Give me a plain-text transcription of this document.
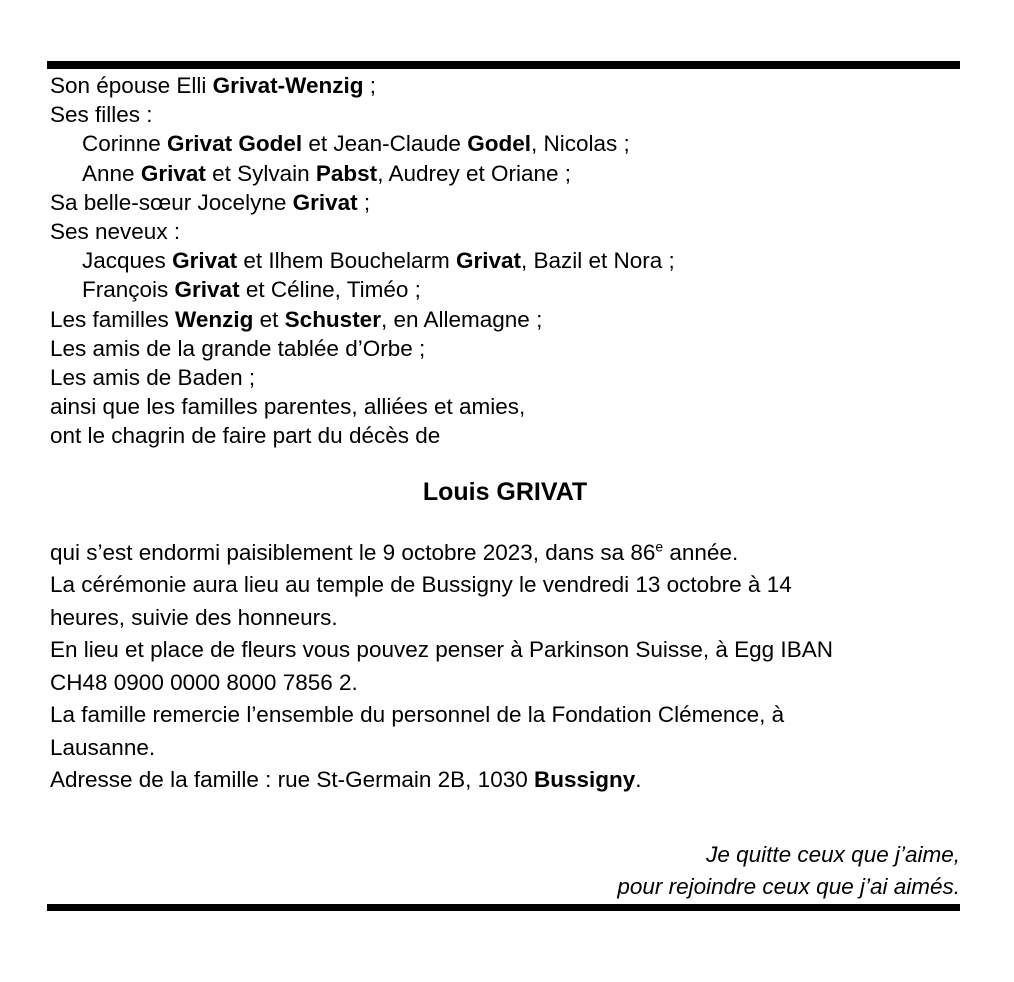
Son épouse Elli Grivat-Wenzig ;
Ses filles :
Corinne Grivat Godel et Jean-Claude Godel, Nicolas ;
Anne Grivat et Sylvain Pabst, Audrey et Oriane ;
Sa belle-sœur Jocelyne Grivat ;
Ses neveux :
Jacques Grivat et Ilhem Bouchelarm Grivat, Bazil et Nora ;
François Grivat et Céline, Timéo ;
Les familles Wenzig et Schuster, en Allemagne ;
Les amis de la grande tablée d’Orbe ;
Les amis de Baden ;
ainsi que les familles parentes, alliées et amies,
ont le chagrin de faire part du décès de
Louis GRIVAT
qui s’est endormi paisiblement le 9 octobre 2023, dans sa 86e année.
La cérémonie aura lieu au temple de Bussigny le vendredi 13 octobre à 14
heures, suivie des honneurs.
En lieu et place de fleurs vous pouvez penser à Parkinson Suisse, à Egg IBAN
CH48 0900 0000 8000 7856 2.
La famille remercie l’ensemble du personnel de la Fondation Clémence, à
Lausanne.
Adresse de la famille : rue St-Germain 2B, 1030 Bussigny.
Je quitte ceux que j’aime,
pour rejoindre ceux que j’ai aimés.
